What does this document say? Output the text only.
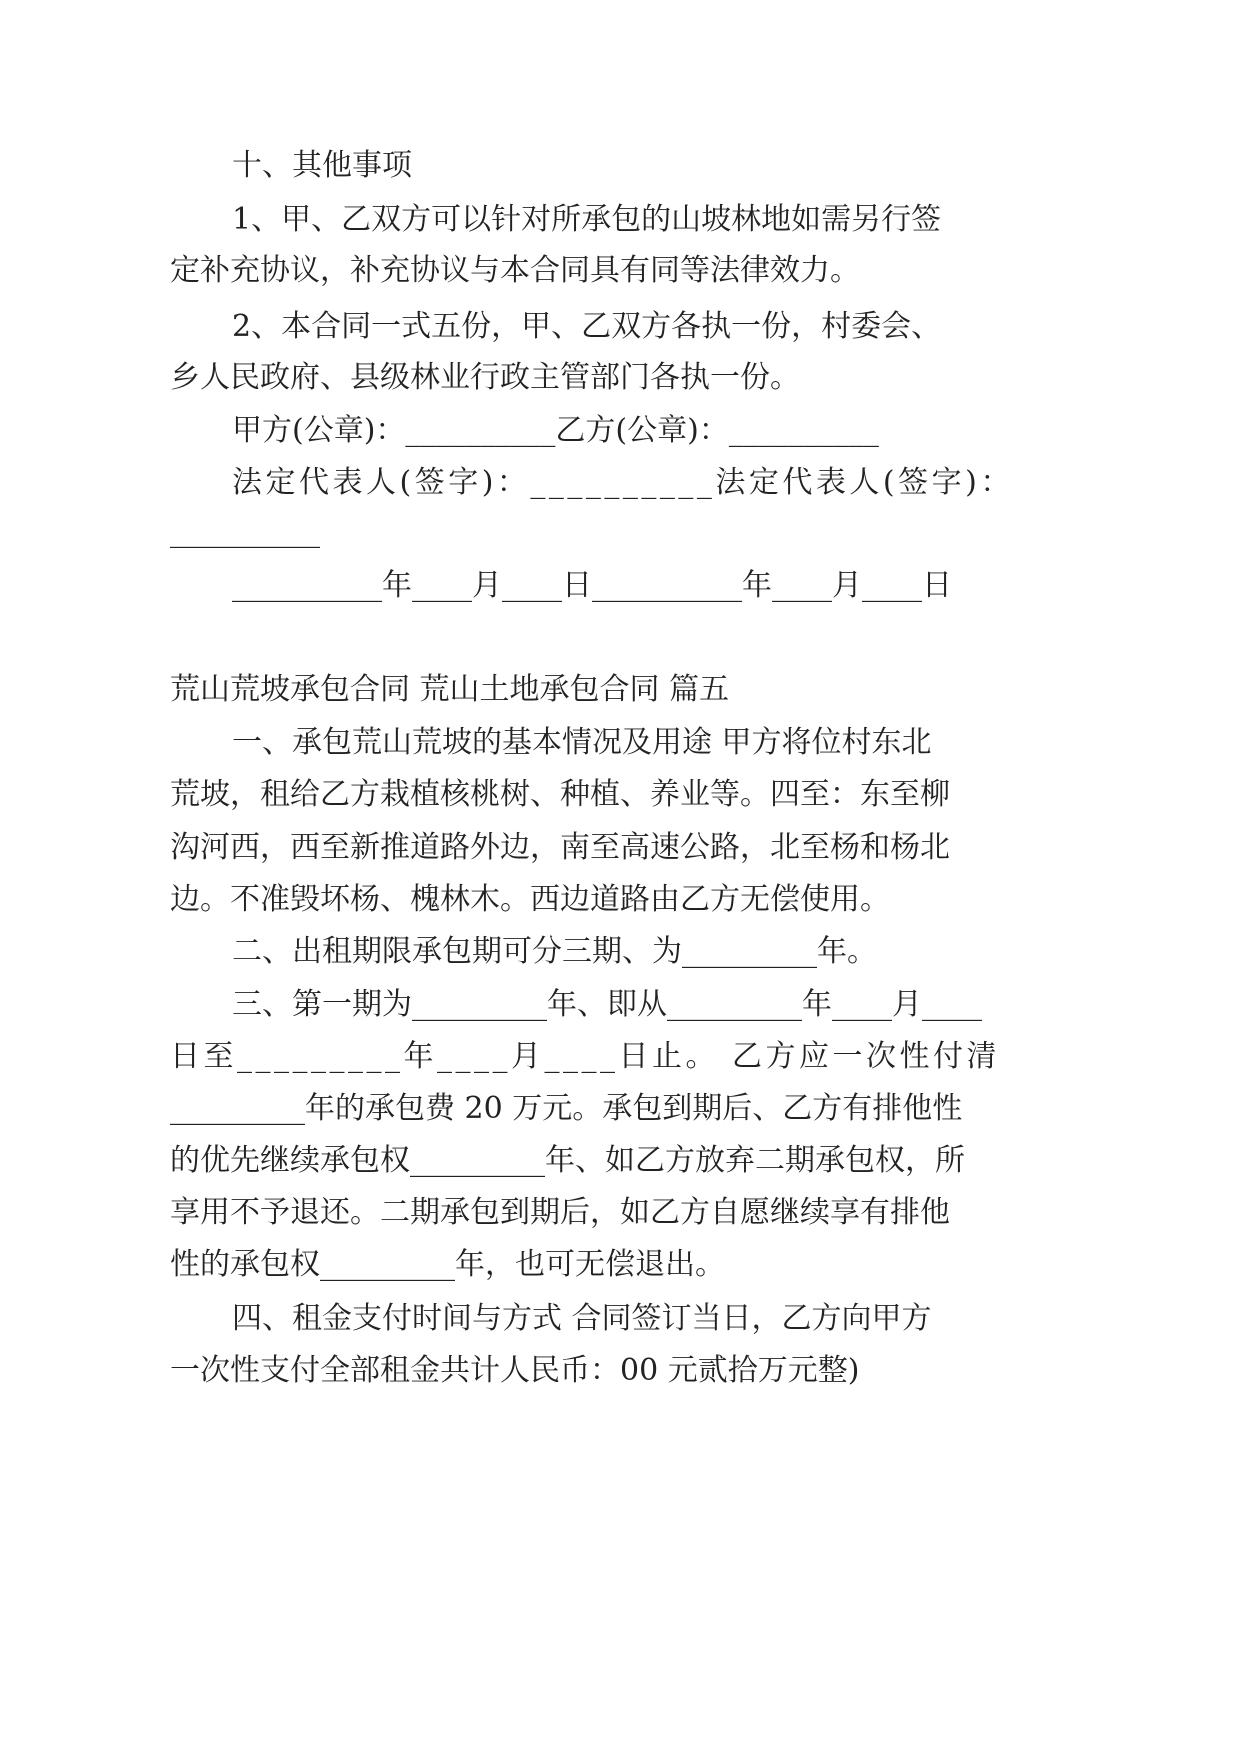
十、其他事项
1、甲、乙双方可以针对所承包的山坡林地如需另行签
定补充协议，补充协议与本合同具有同等法律效力。
2、本合同一式五份，甲、乙双方各执一份，村委会、
乡人民政府、县级林业行政主管部门各执一份。
甲方(公章)：__________乙方(公章)：__________
法定代表人(签字)：__________法定代表人(签字)：
__________
__________年____月____日__________年____月____日
荒山荒坡承包合同 荒山土地承包合同 篇五
一、承包荒山荒坡的基本情况及用途 甲方将位村东北
荒坡，租给乙方栽植核桃树、种植、养业等。四至：东至柳
沟河西，西至新推道路外边，南至高速公路，北至杨和杨北
边。不准毁坏杨、槐林木。西边道路由乙方无偿使用。
二、出租期限承包期可分三期、为_________年。
三、第一期为_________年、即从_________年____月____
日至_________年____月____日止。 乙方应一次性付清
_________年的承包费 20 万元。承包到期后、乙方有排他性
的优先继续承包权_________年、如乙方放弃二期承包权，所
享用不予退还。二期承包到期后，如乙方自愿继续享有排他
性的承包权_________年，也可无偿退出。
四、租金支付时间与方式 合同签订当日，乙方向甲方
一次性支付全部租金共计人民币：00 元贰拾万元整)
